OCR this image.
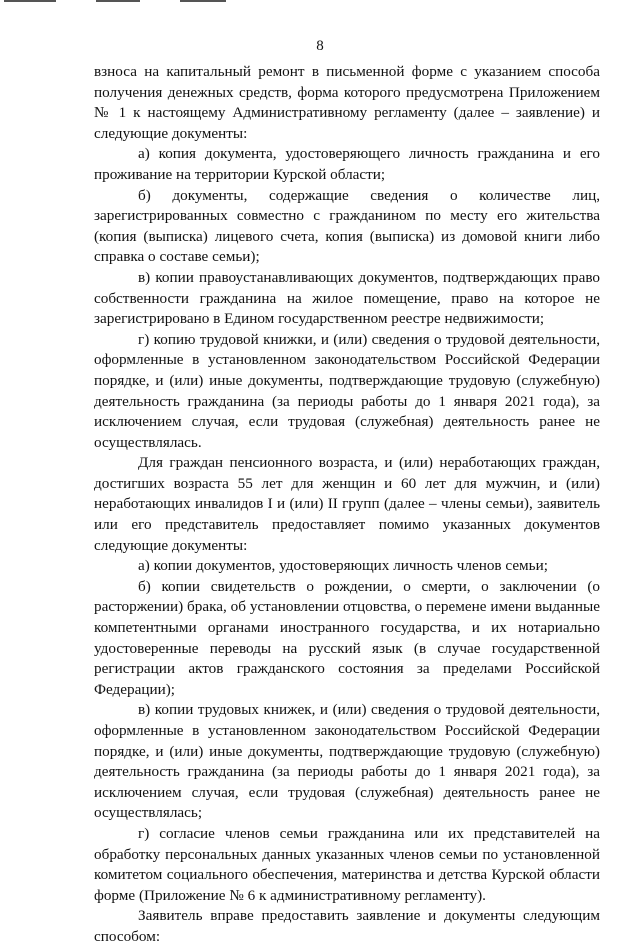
8

взноса на капитальный ремонт в письменной форме с указанием способа получения денежных средств, форма которого предусмотрена Приложением № 1 к настоящему Административному регламенту (далее – заявление) и следующие документы:

а) копия документа, удостоверяющего личность гражданина и его проживание на территории Курской области;

б) документы, содержащие сведения о количестве лиц, зарегистрированных совместно с гражданином по месту его жительства (копия (выписка) лицевого счета, копия (выписка) из домовой книги либо справка о составе семьи);

в) копии правоустанавливающих документов, подтверждающих право собственности гражданина на жилое помещение, право на которое не зарегистрировано в Едином государственном реестре недвижимости;

г) копию трудовой книжки, и (или) сведения о трудовой деятельности, оформленные в установленном законодательством Российской Федерации порядке, и (или) иные документы, подтверждающие трудовую (служебную) деятельность гражданина (за периоды работы до 1 января 2021 года), за исключением случая, если трудовая (служебная) деятельность ранее не осуществлялась.

Для граждан пенсионного возраста, и (или) неработающих граждан, достигших возраста 55 лет для женщин и 60 лет для мужчин, и (или) неработающих инвалидов I и (или) II групп (далее – члены семьи), заявитель или его представитель предоставляет помимо указанных документов следующие документы:

а) копии документов, удостоверяющих личность членов семьи;

б) копии свидетельств о рождении, о смерти, о заключении (о расторжении) брака, об установлении отцовства, о перемене имени выданные компетентными органами иностранного государства, и их нотариально удостоверенные переводы на русский язык (в случае государственной регистрации актов гражданского состояния за пределами Российской Федерации);

в) копии трудовых книжек, и (или) сведения о трудовой деятельности, оформленные в установленном законодательством Российской Федерации порядке, и (или) иные документы, подтверждающие трудовую (служебную) деятельность гражданина (за периоды работы до 1 января 2021 года), за исключением случая, если трудовая (служебная) деятельность ранее не осуществлялась;

г) согласие членов семьи гражданина или их представителей на обработку персональных данных указанных членов семьи по установленной комитетом социального обеспечения, материнства и детства Курской области форме (Приложение № 6 к административному регламенту).

Заявитель вправе предоставить заявление и документы следующим способом:
